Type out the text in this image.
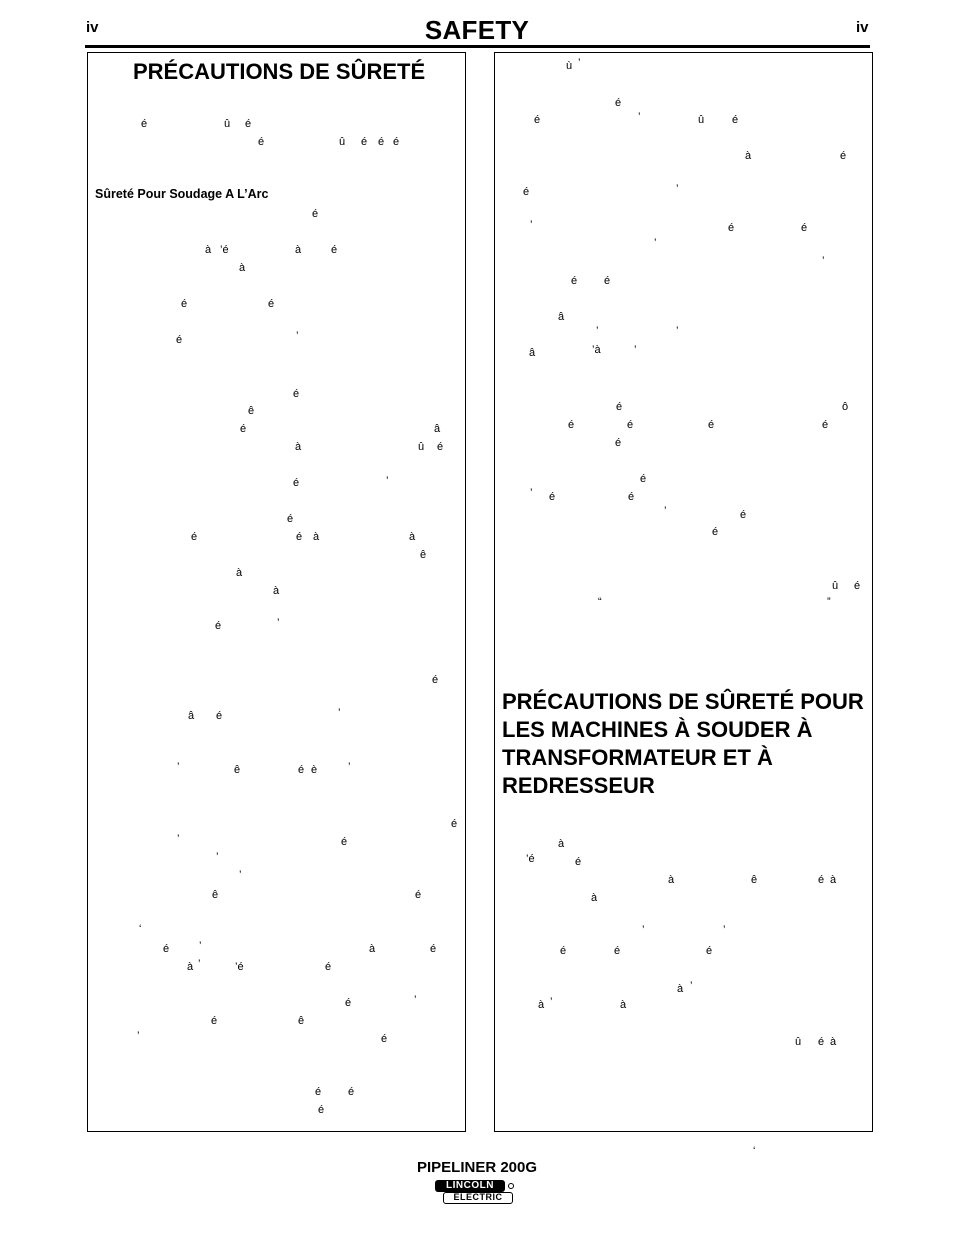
iv	iv
SAFETY
PRÉCAUTIONS DE SÛRETÉ
Sûreté Pour Soudage A L’Arc
PRÉCAUTIONS DE SÛRETÉ POUR LES MACHINES À SOUDER À TRANSFORMATEUR ET À REDRESSEUR
é	û é
é	û é é é
é
à ’é	à	é
à
é	é
é	’
é
ê
é	â
à	û é
é	’
é
é	é à	à
ê
à
à
é	’
é
â é	’
’	ê	é è	’
é
’	é
’
’
ê	é
‘
é	’	à	é
à ’	’é	é
é	’
é	ê
’	é
é é
é
ù ’
é
é	’	û	é
à	é
é	’
’	é	é
’
’
é é
â
’	’
â	’à	’
é	ô
é	é	é	é
é
é
’ é	é
’	é
é
û é
“	”
à
’é	é
à	ê	é à
à
’	’
é	é	é
à ’
à ’	à
û é à
‘
PIPELINER 200G
LINCOLN
ELECTRIC
